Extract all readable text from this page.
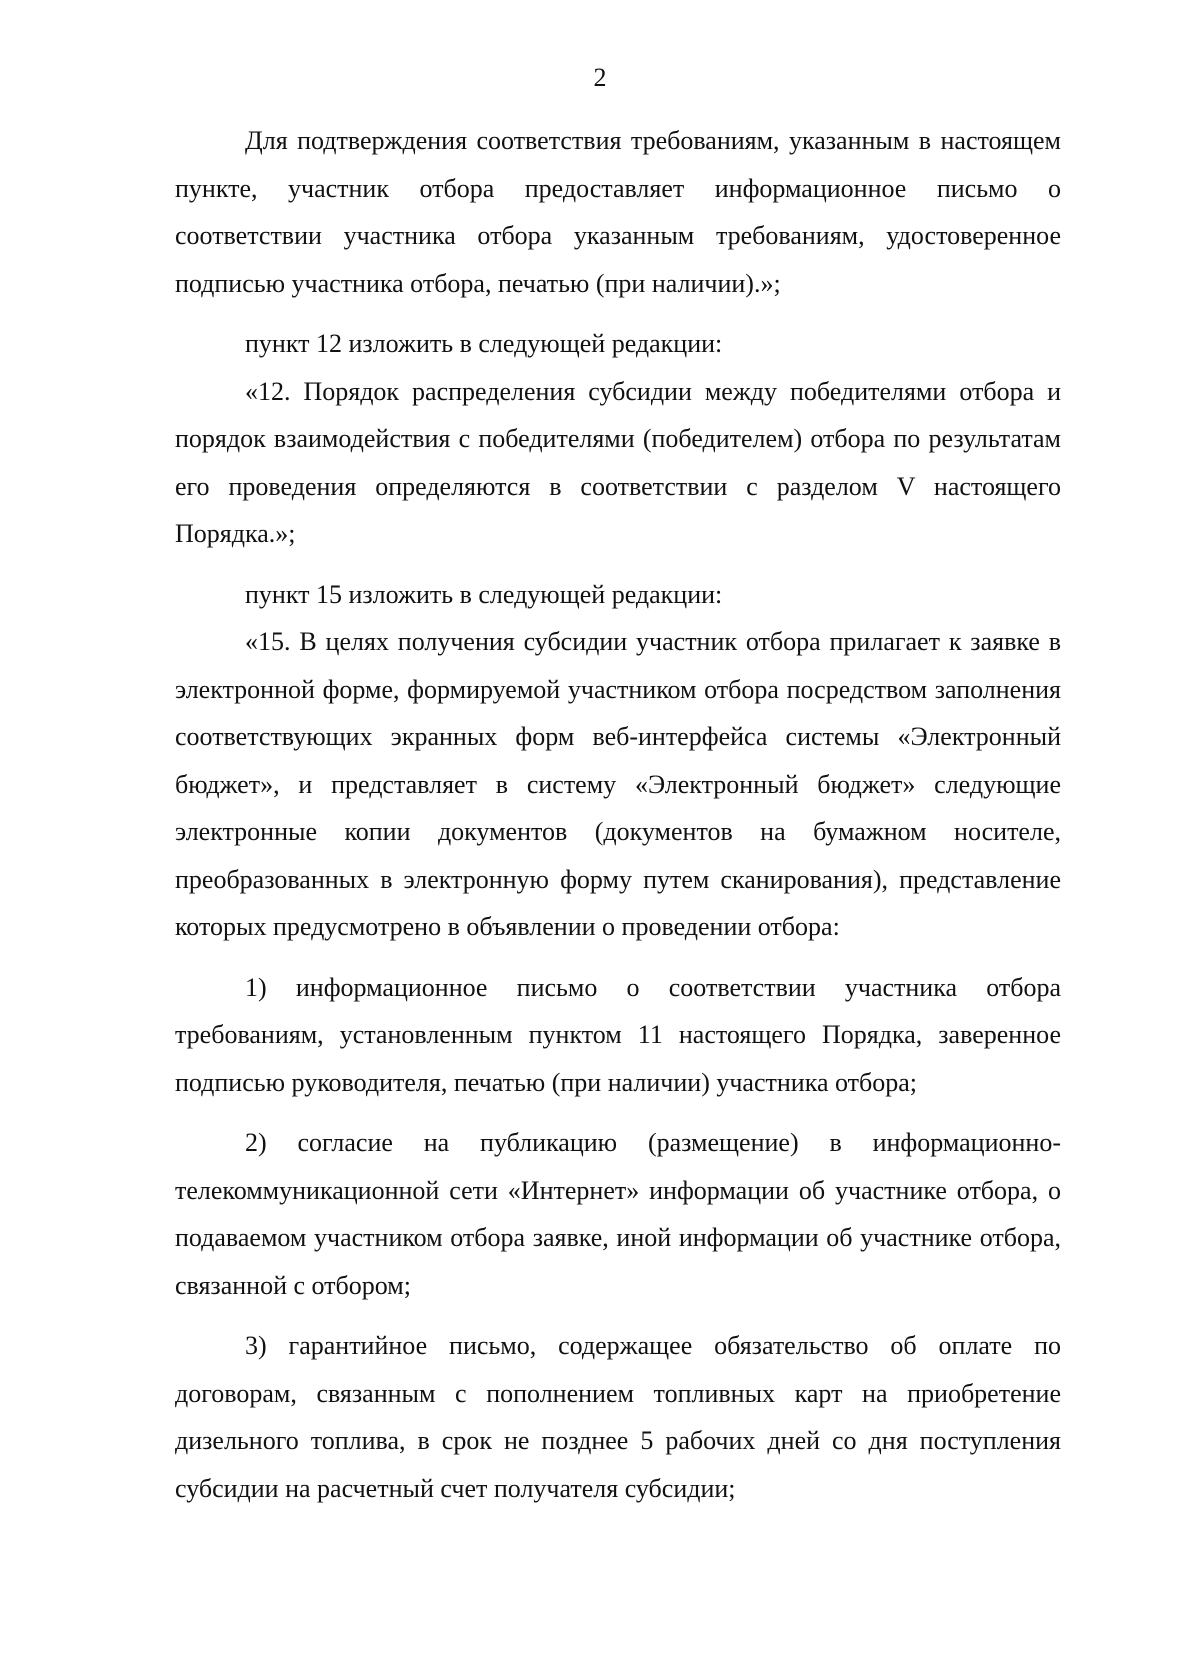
2

Для подтверждения соответствия требованиям, указанным в настоящем пункте, участник отбора предоставляет информационное письмо о соответствии участника отбора указанным требованиям, удостоверенное подписью участника отбора, печатью (при наличии).»;

пункт 12 изложить в следующей редакции:

«12. Порядок распределения субсидии между победителями отбора и порядок взаимодействия с победителями (победителем) отбора по результатам его проведения определяются в соответствии с разделом V настоящего Порядка.»;

пункт 15 изложить в следующей редакции:

«15. В целях получения субсидии участник отбора прилагает к заявке в электронной форме, формируемой участником отбора посредством заполнения соответствующих экранных форм веб-интерфейса системы «Электронный бюджет», и представляет в систему «Электронный бюджет» следующие электронные копии документов (документов на бумажном носителе, преобразованных в электронную форму путем сканирования), представление которых предусмотрено в объявлении о проведении отбора:

1) информационное письмо о соответствии участника отбора требованиям, установленным пунктом 11 настоящего Порядка, заверенное подписью руководителя, печатью (при наличии) участника отбора;

2) согласие на публикацию (размещение) в информационно-телекоммуникационной сети «Интернет» информации об участнике отбора, о подаваемом участником отбора заявке, иной информации об участнике отбора, связанной с отбором;

3) гарантийное письмо, содержащее обязательство об оплате по договорам, связанным с пополнением топливных карт на приобретение дизельного топлива, в срок не позднее 5 рабочих дней со дня поступления субсидии на расчетный счет получателя субсидии;
